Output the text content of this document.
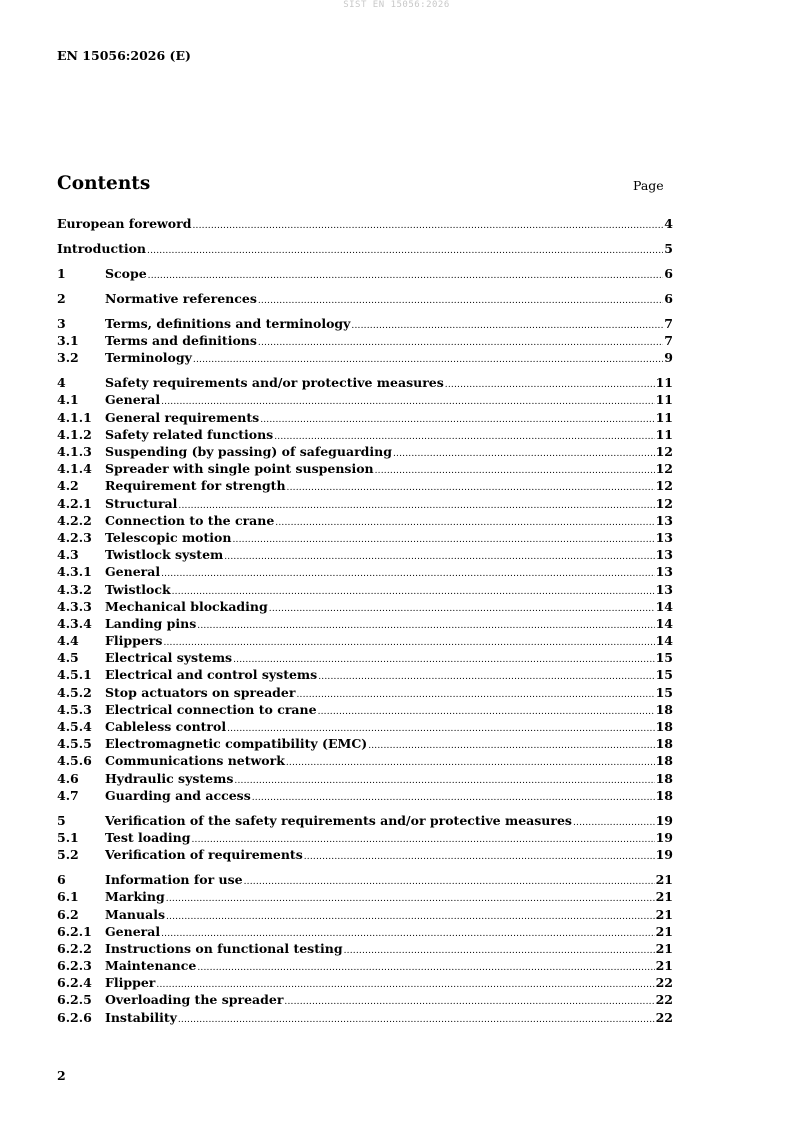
SIST EN 15056:2026
EN 15056:2026 (E)
Contents	Page
European foreword .....	4
Introduction .....	5
1	Scope .....	6
2	Normative references .....	6
3	Terms, definitions and terminology .....	7
3.1	Terms and definitions .....	7
3.2	Terminology .....	9
4	Safety requirements and/or protective measures .....	11
4.1	General .....	11
4.1.1	General requirements .....	11
4.1.2	Safety related functions .....	11
4.1.3	Suspending (by passing) of safeguarding .....	12
4.1.4	Spreader with single point suspension .....	12
4.2	Requirement for strength .....	12
4.2.1	Structural .....	12
4.2.2	Connection to the crane .....	13
4.2.3	Telescopic motion .....	13
4.3	Twistlock system .....	13
4.3.1	General .....	13
4.3.2	Twistlock .....	13
4.3.3	Mechanical blockading .....	14
4.3.4	Landing pins .....	14
4.4	Flippers .....	14
4.5	Electrical systems .....	15
4.5.1	Electrical and control systems .....	15
4.5.2	Stop actuators on spreader .....	15
4.5.3	Electrical connection to crane .....	18
4.5.4	Cableless control .....	18
4.5.5	Electromagnetic compatibility (EMC) .....	18
4.5.6	Communications network .....	18
4.6	Hydraulic systems .....	18
4.7	Guarding and access .....	18
5	Verification of the safety requirements and/or protective measures .....	19
5.1	Test loading .....	19
5.2	Verification of requirements .....	19
6	Information for use .....	21
6.1	Marking .....	21
6.2	Manuals .....	21
6.2.1	General .....	21
6.2.2	Instructions on functional testing .....	21
6.2.3	Maintenance .....	21
6.2.4	Flipper .....	22
6.2.5	Overloading the spreader .....	22
6.2.6	Instability .....	22
2
